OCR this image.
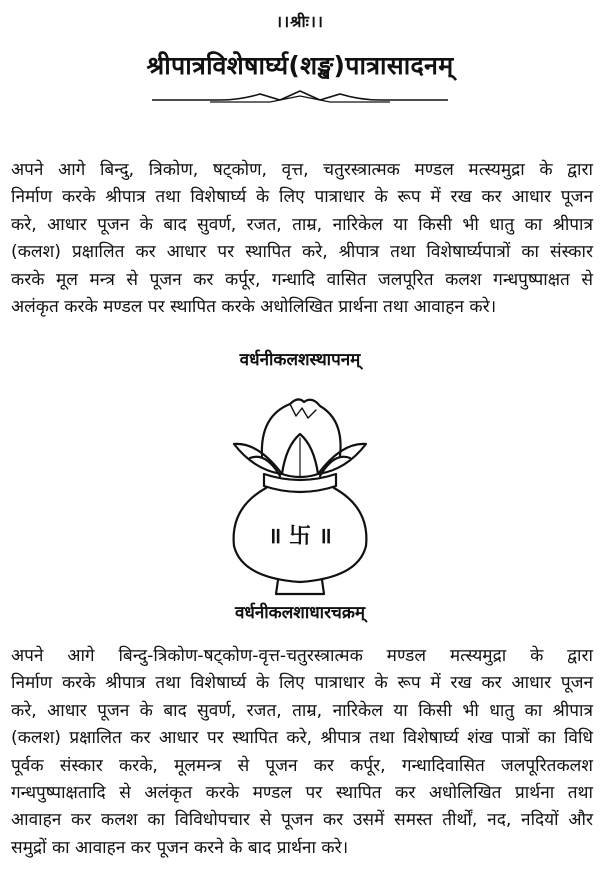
।।श्रीः।।
श्रीपात्रविशेषार्घ्य(शङ्ख)पात्रासादनम्
अपने आगे बिन्दु, त्रिकोण, षट्कोण, वृत्त, चतुरस्त्रात्मक मण्डल मत्स्यमुद्रा के द्वारा
निर्माण करके श्रीपात्र तथा विशेषार्घ्य के लिए पात्राधार के रूप में रख कर आधार पूजन
करे, आधार पूजन के बाद सुवर्ण, रजत, ताम्र, नारिकेल या किसी भी धातु का श्रीपात्र
(कलश) प्रक्षालित कर आधार पर स्थापित करे, श्रीपात्र तथा विशेषार्घ्यपात्रों का संस्कार
करके मूल मन्त्र से पूजन कर कर्पूर, गन्धादि वासित जलपूरित कलश गन्धपुष्पाक्षत से
अलंकृत करके मण्डल पर स्थापित करके अधोलिखित प्रार्थना तथा आवाहन करे।
वर्धनीकलशस्थापनम्
॥ 卐 ॥
वर्धनीकलशाधारचक्रम्
अपने आगे बिन्दु-त्रिकोण-षट्कोण-वृत्त-चतुरस्त्रात्मक मण्डल मत्स्यमुद्रा के द्वारा
निर्माण करके श्रीपात्र तथा विशेषार्घ्य के लिए पात्राधार के रूप में रख कर आधार पूजन
करे, आधार पूजन के बाद सुवर्ण, रजत, ताम्र, नारिकेल या किसी भी धातु का श्रीपात्र
(कलश) प्रक्षालित कर आधार पर स्थापित करे, श्रीपात्र तथा विशेषार्घ्य शंख पात्रों का विधि
पूर्वक संस्कार करके, मूलमन्त्र से पूजन कर कर्पूर, गन्धादिवासित जलपूरितकलश
गन्धपुष्पाक्षतादि से अलंकृत करके मण्डल पर स्थापित कर अधोलिखित प्रार्थना तथा
आवाहन कर कलश का विविधोपचार से पूजन कर उसमें समस्त तीर्थों, नद, नदियों और
समुद्रों का आवाहन कर पूजन करने के बाद प्रार्थना करे।
